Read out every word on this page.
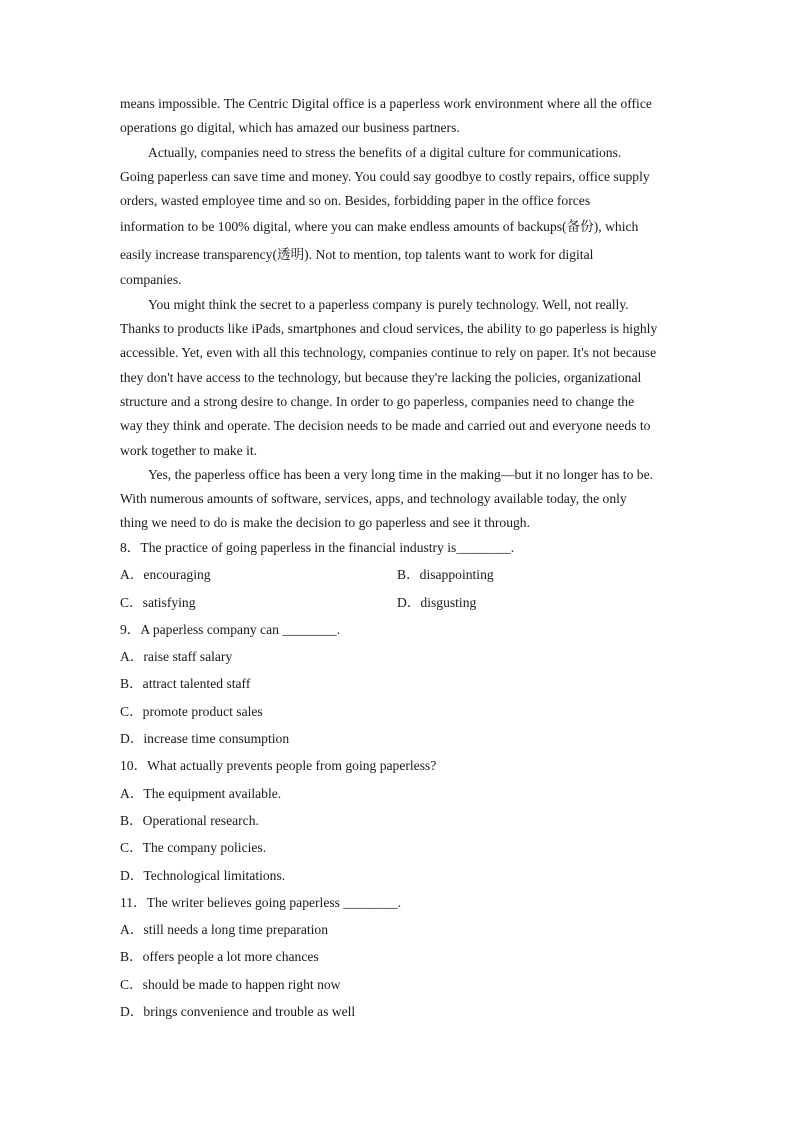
means impossible. The Centric Digital office is a paperless work environment where all the office
operations go digital, which has amazed our business partners.
Actually, companies need to stress the benefits of a digital culture for communications.
Going paperless can save time and money. You could say goodbye to costly repairs, office supply
orders, wasted employee time and so on. Besides, forbidding paper in the office forces
information to be 100% digital, where you can make endless amounts of backups(备份), which
easily increase transparency(透明). Not to mention, top talents want to work for digital
companies.
You might think the secret to a paperless company is purely technology. Well, not really.
Thanks to products like iPads, smartphones and cloud services, the ability to go paperless is highly
accessible. Yet, even with all this technology, companies continue to rely on paper. It's not because
they don't have access to the technology, but because they're lacking the policies, organizational
structure and a strong desire to change. In order to go paperless, companies need to change the
way they think and operate. The decision needs to be made and carried out and everyone needs to
work together to make it.
Yes, the paperless office has been a very long time in the making—but it no longer has to be.
With numerous amounts of software, services, apps, and technology available today, the only
thing we need to do is make the decision to go paperless and see it through.
8．The practice of going paperless in the financial industry is________.
A．encouraging	B．disappointing
C．satisfying	D．disgusting
9．A paperless company can ________.
A．raise staff salary
B．attract talented staff
C．promote product sales
D．increase time consumption
10．What actually prevents people from going paperless?
A．The equipment available.
B．Operational research.
C．The company policies.
D．Technological limitations.
11．The writer believes going paperless ________.
A．still needs a long time preparation
B．offers people a lot more chances
C．should be made to happen right now
D．brings convenience and trouble as well
